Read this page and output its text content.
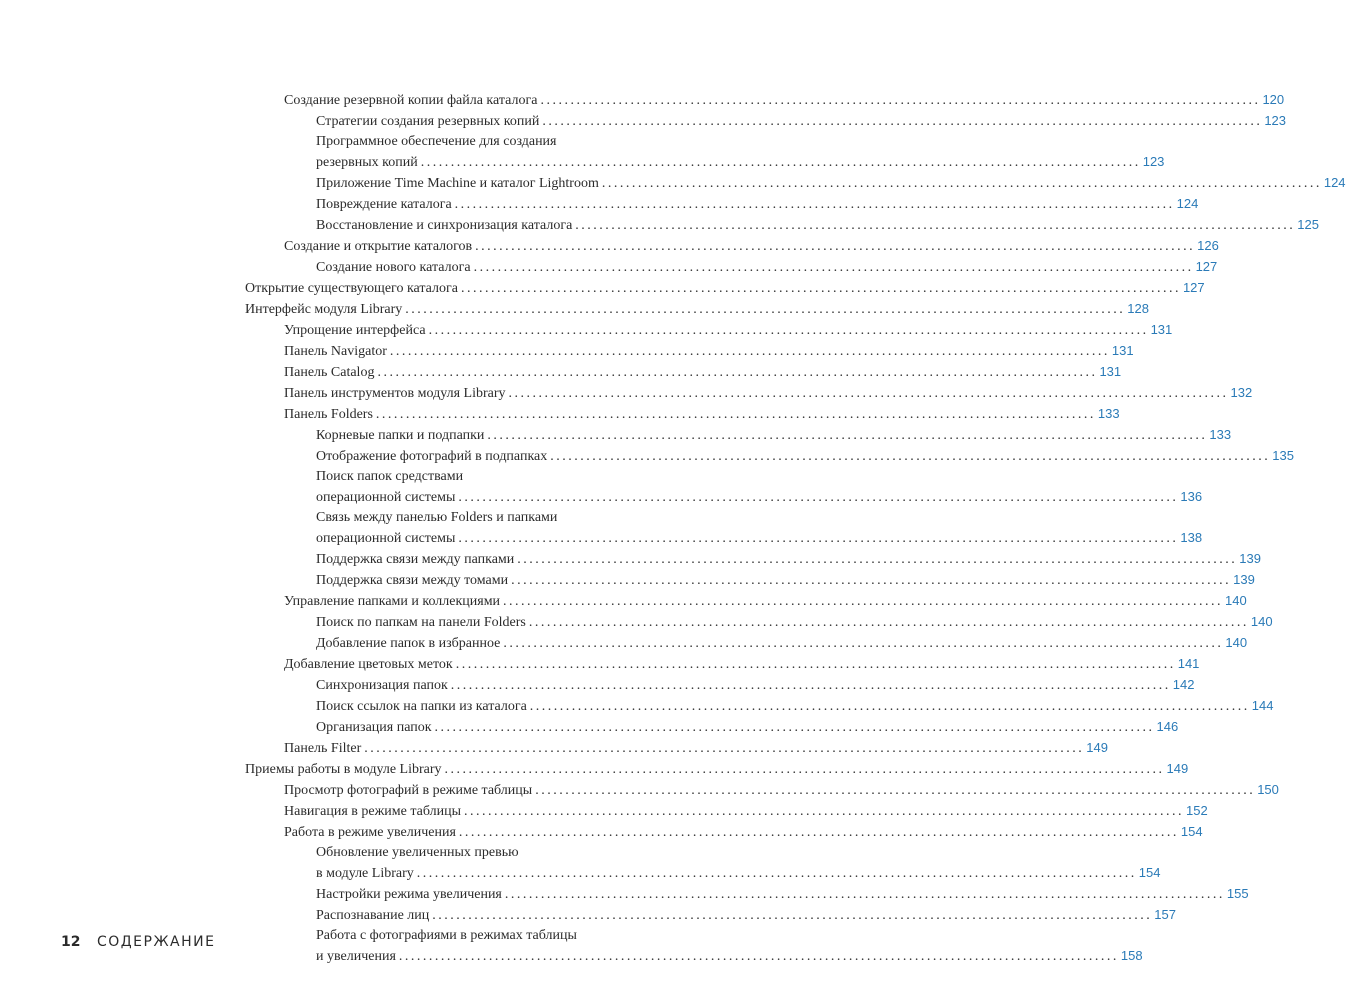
Создание резервной копии файла каталога ........................................................................................................................ 120
Стратегии создания резервных копий ........................................................................................................................ 123
Программное обеспечение для создания
резервных копий ........................................................................................................................ 123
Приложение Time Machine и каталог Lightroom ........................................................................................................................ 124
Повреждение каталога ........................................................................................................................ 124
Восстановление и синхронизация каталога ........................................................................................................................ 125
Создание и открытие каталогов ........................................................................................................................ 126
Создание нового каталога ........................................................................................................................ 127
Открытие существующего каталога ........................................................................................................................ 127
Интерфейс модуля Library ........................................................................................................................ 128
Упрощение интерфейса ........................................................................................................................ 131
Панель Navigator ........................................................................................................................ 131
Панель Catalog ........................................................................................................................ 131
Панель инструментов модуля Library ........................................................................................................................ 132
Панель Folders ........................................................................................................................ 133
Корневые папки и подпапки ........................................................................................................................ 133
Отображение фотографий в подпапках ........................................................................................................................ 135
Поиск папок средствами
операционной системы ........................................................................................................................ 136
Связь между панелью Folders и папками
операционной системы ........................................................................................................................ 138
Поддержка связи между папками ........................................................................................................................ 139
Поддержка связи между томами ........................................................................................................................ 139
Управление папками и коллекциями ........................................................................................................................ 140
Поиск по папкам на панели Folders ........................................................................................................................ 140
Добавление папок в избранное ........................................................................................................................ 140
Добавление цветовых меток ........................................................................................................................ 141
Синхронизация папок ........................................................................................................................ 142
Поиск ссылок на папки из каталога ........................................................................................................................ 144
Организация папок ........................................................................................................................ 146
Панель Filter ........................................................................................................................ 149
Приемы работы в модуле Library ........................................................................................................................ 149
Просмотр фотографий в режиме таблицы ........................................................................................................................ 150
Навигация в режиме таблицы ........................................................................................................................ 152
Работа в режиме увеличения ........................................................................................................................ 154
Обновление увеличенных превью
в модуле Library ........................................................................................................................ 154
Настройки режима увеличения ........................................................................................................................ 155
Распознавание лиц ........................................................................................................................ 157
Работа с фотографиями в режимах таблицы
и увеличения ........................................................................................................................ 158
12 СОДЕРЖАНИЕ
